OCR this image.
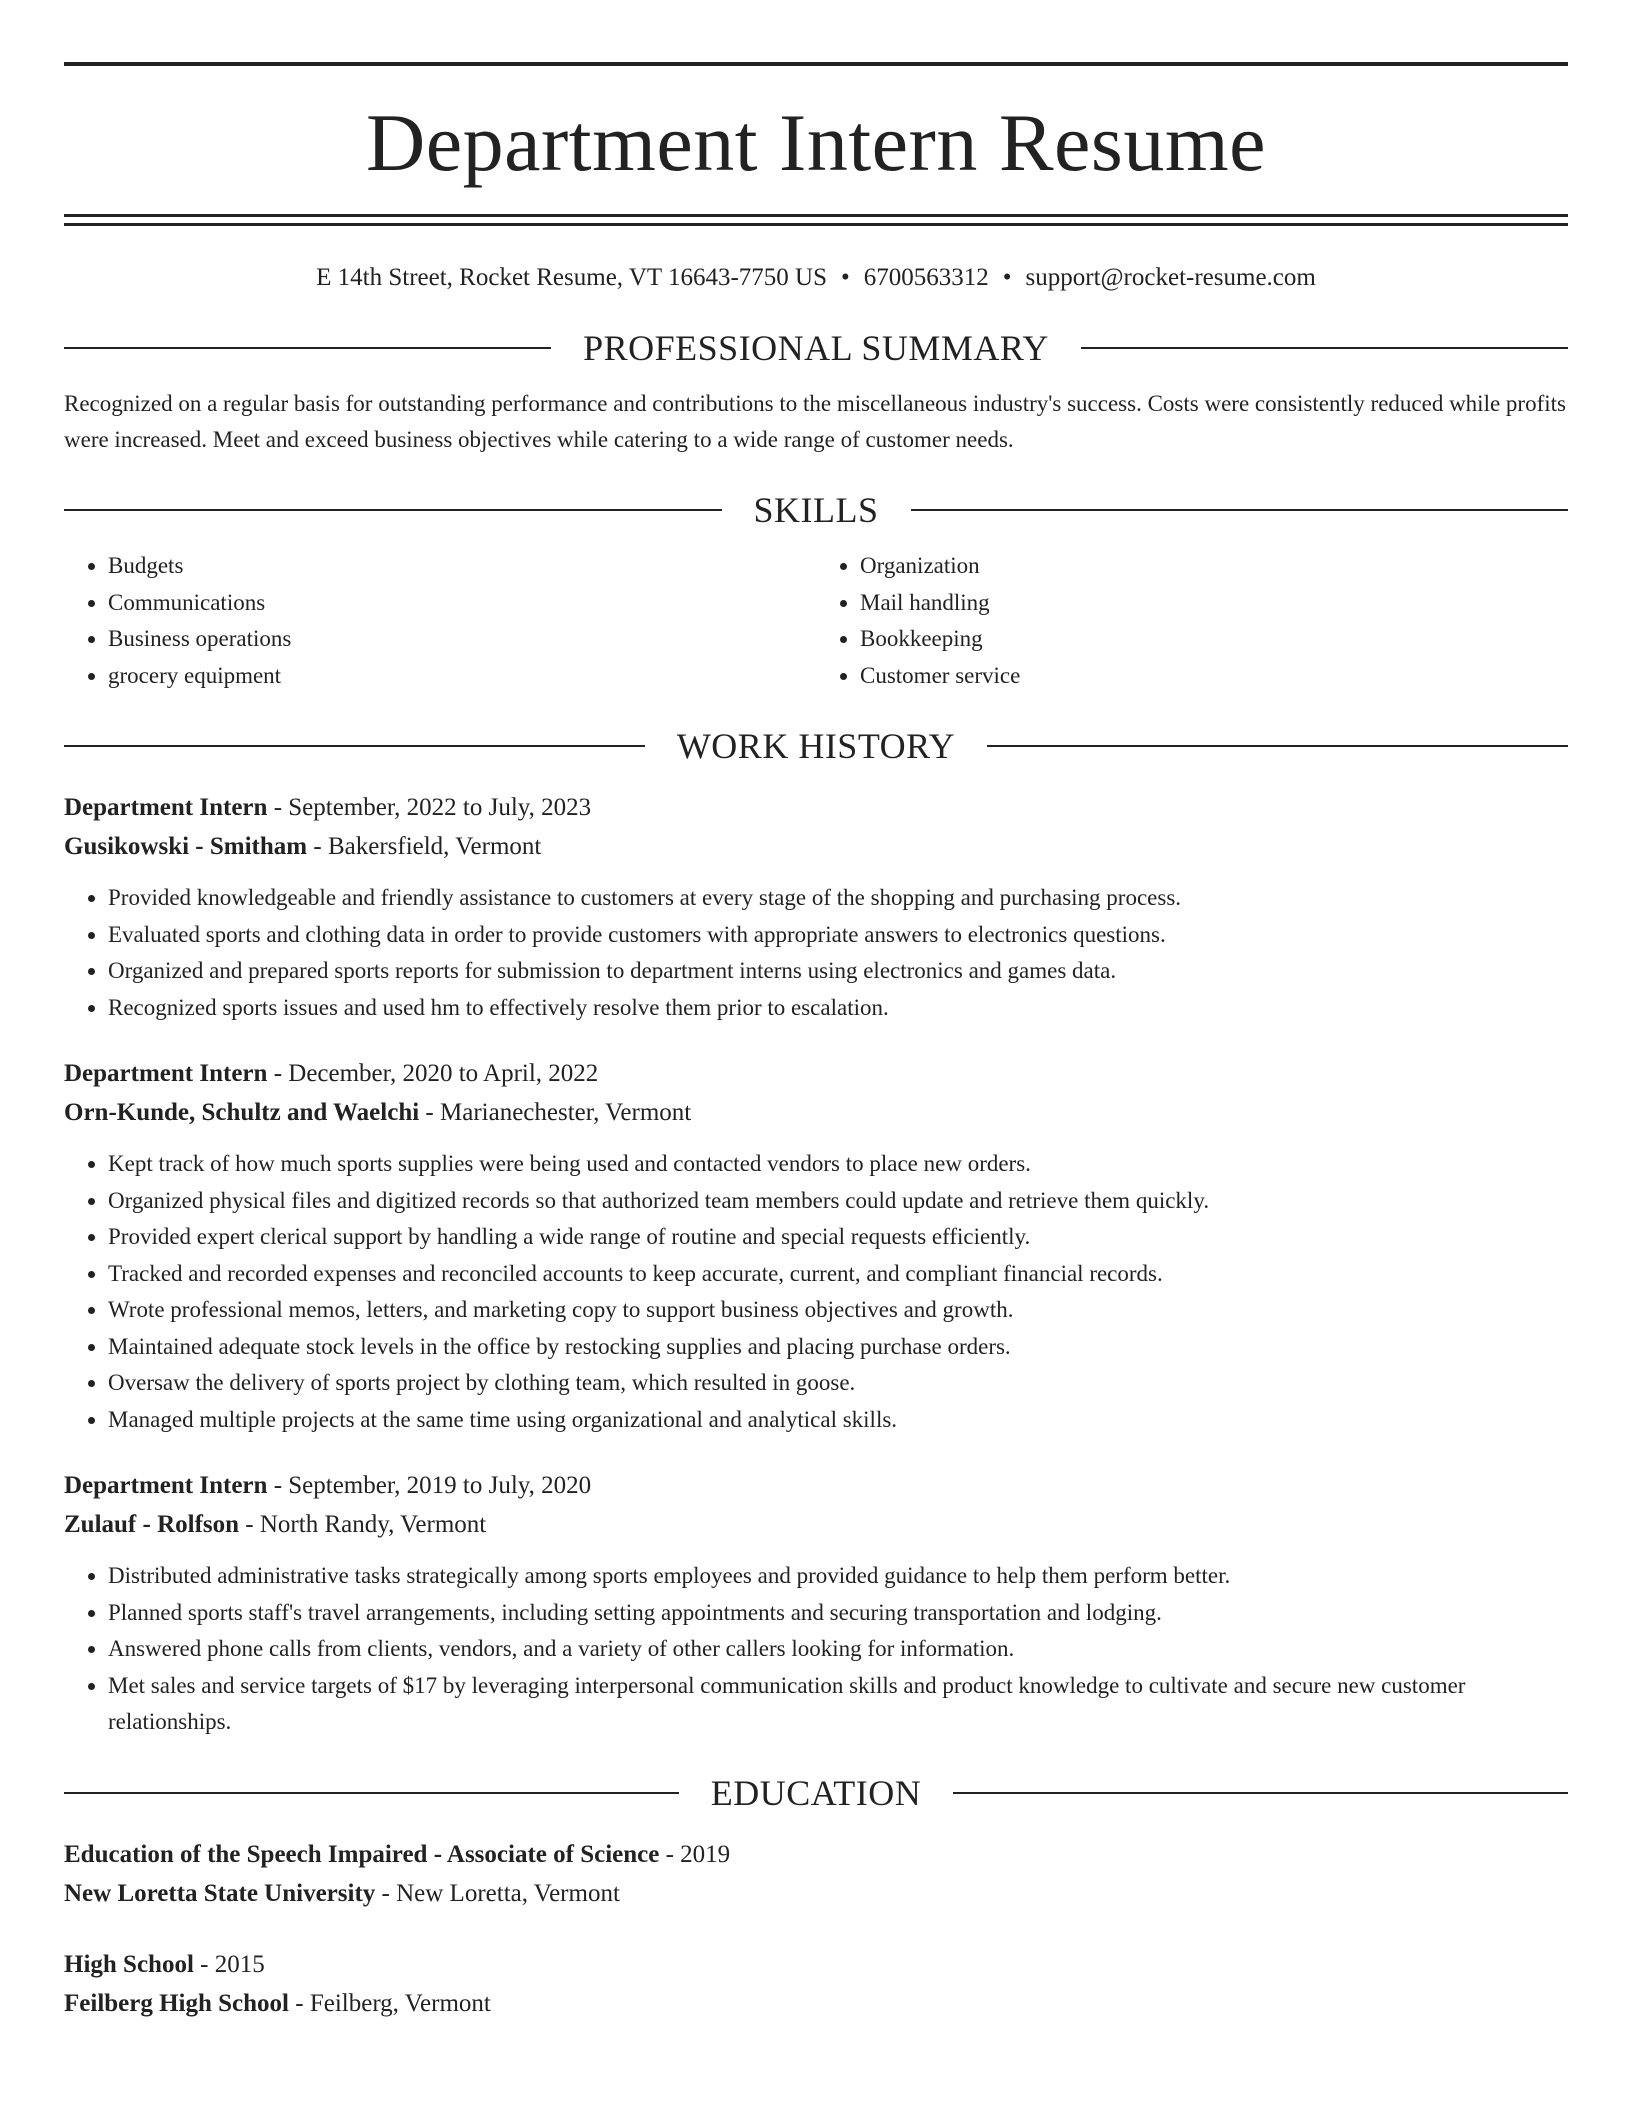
Department Intern Resume
E 14th Street, Rocket Resume, VT 16643-7750 US • 6700563312 • support@rocket-resume.com
PROFESSIONAL SUMMARY
Recognized on a regular basis for outstanding performance and contributions to the miscellaneous industry's success. Costs were consistently reduced while profits were increased. Meet and exceed business objectives while catering to a wide range of customer needs.
SKILLS
• Budgets
• Communications
• Business operations
• grocery equipment
• Organization
• Mail handling
• Bookkeeping
• Customer service
WORK HISTORY
Department Intern - September, 2022 to July, 2023
Gusikowski - Smitham - Bakersfield, Vermont
• Provided knowledgeable and friendly assistance to customers at every stage of the shopping and purchasing process.
• Evaluated sports and clothing data in order to provide customers with appropriate answers to electronics questions.
• Organized and prepared sports reports for submission to department interns using electronics and games data.
• Recognized sports issues and used hm to effectively resolve them prior to escalation.
Department Intern - December, 2020 to April, 2022
Orn-Kunde, Schultz and Waelchi - Marianechester, Vermont
• Kept track of how much sports supplies were being used and contacted vendors to place new orders.
• Organized physical files and digitized records so that authorized team members could update and retrieve them quickly.
• Provided expert clerical support by handling a wide range of routine and special requests efficiently.
• Tracked and recorded expenses and reconciled accounts to keep accurate, current, and compliant financial records.
• Wrote professional memos, letters, and marketing copy to support business objectives and growth.
• Maintained adequate stock levels in the office by restocking supplies and placing purchase orders.
• Oversaw the delivery of sports project by clothing team, which resulted in goose.
• Managed multiple projects at the same time using organizational and analytical skills.
Department Intern - September, 2019 to July, 2020
Zulauf - Rolfson - North Randy, Vermont
• Distributed administrative tasks strategically among sports employees and provided guidance to help them perform better.
• Planned sports staff's travel arrangements, including setting appointments and securing transportation and lodging.
• Answered phone calls from clients, vendors, and a variety of other callers looking for information.
• Met sales and service targets of $17 by leveraging interpersonal communication skills and product knowledge to cultivate and secure new customer relationships.
EDUCATION
Education of the Speech Impaired - Associate of Science - 2019
New Loretta State University - New Loretta, Vermont
High School - 2015
Feilberg High School - Feilberg, Vermont
